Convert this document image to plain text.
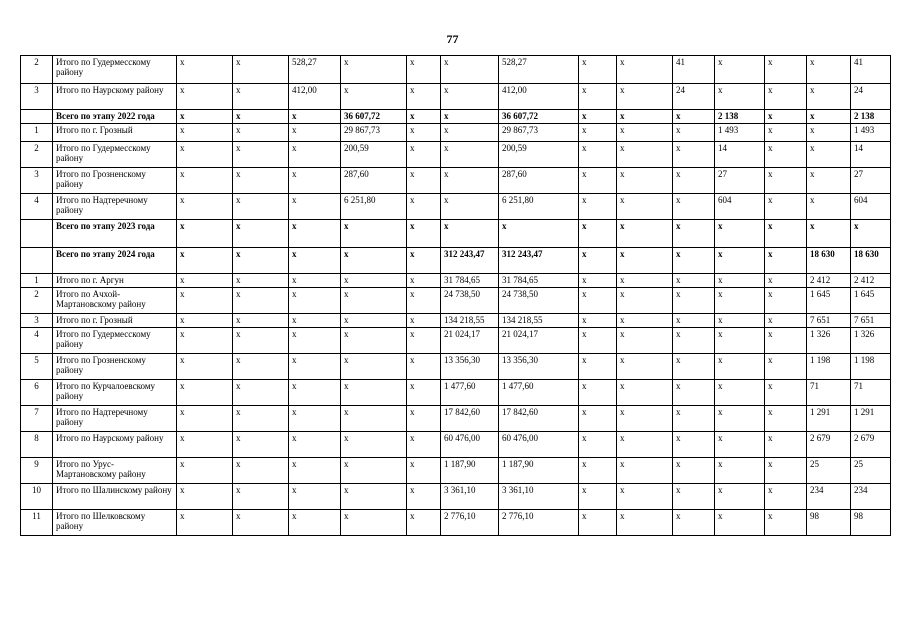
77
2	Итого по Гудермесскому району	х	х	528,27	х	х	х	528,27	х	х	41	х	х	х	41
3	Итого по Наурскому району	х	х	412,00	х	х	х	412,00	х	х	24	х	х	х	24
	Всего по этапу 2022 года	х	х	х	36 607,72	х	х	36 607,72	х	х	х	2 138	х	х	2 138
1	Итого по г. Грозный	х	х	х	29 867,73	х	х	29 867,73	х	х	х	1 493	х	х	1 493
2	Итого по Гудермесскому району	х	х	х	200,59	х	х	200,59	х	х	х	14	х	х	14
3	Итого по Грозненскому району	х	х	х	287,60	х	х	287,60	х	х	х	27	х	х	27
4	Итого по Надтеречному району	х	х	х	6 251,80	х	х	6 251,80	х	х	х	604	х	х	604
	Всего по этапу 2023 года	х	х	х	х	х	х	х	х	х	х	х	х	х	х
	Всего по этапу 2024 года	х	х	х	х	х	312 243,47	312 243,47	х	х	х	х	х	18 630	18 630
1	Итого по г. Аргун	х	х	х	х	х	31 784,65	31 784,65	х	х	х	х	х	2 412	2 412
2	Итого по Ачхой-Мартановскому району	х	х	х	х	х	24 738,50	24 738,50	х	х	х	х	х	1 645	1 645
3	Итого по г. Грозный	х	х	х	х	х	134 218,55	134 218,55	х	х	х	х	х	7 651	7 651
4	Итого по Гудермесскому району	х	х	х	х	х	21 024,17	21 024,17	х	х	х	х	х	1 326	1 326
5	Итого по Грозненскому району	х	х	х	х	х	13 356,30	13 356,30	х	х	х	х	х	1 198	1 198
6	Итого по Курчалоевскому району	х	х	х	х	х	1 477,60	1 477,60	х	х	х	х	х	71	71
7	Итого по Надтеречному району	х	х	х	х	х	17 842,60	17 842,60	х	х	х	х	х	1 291	1 291
8	Итого по Наурскому району	х	х	х	х	х	60 476,00	60 476,00	х	х	х	х	х	2 679	2 679
9	Итого по Урус-Мартановскому району	х	х	х	х	х	1 187,90	1 187,90	х	х	х	х	х	25	25
10	Итого по Шалинскому району	х	х	х	х	х	3 361,10	3 361,10	х	х	х	х	х	234	234
11	Итого по Шелковскому району	х	х	х	х	х	2 776,10	2 776,10	х	х	х	х	х	98	98
